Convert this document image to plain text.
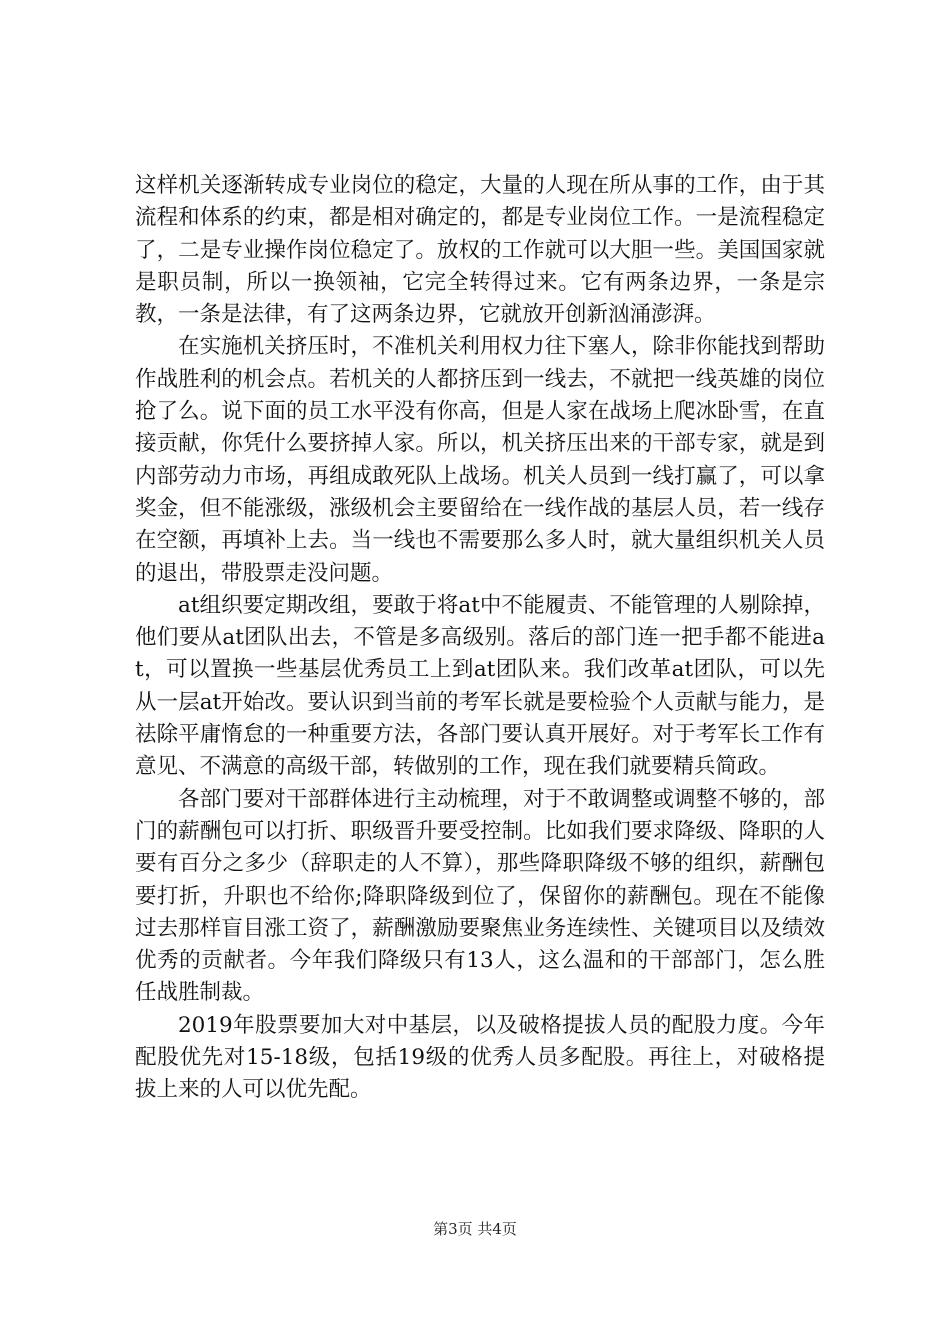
这样机关逐渐转成专业岗位的稳定，大量的人现在所从事的工作，由于其流程和体系的约束，都是相对确定的，都是专业岗位工作。一是流程稳定了，二是专业操作岗位稳定了。放权的工作就可以大胆一些。美国国家就是职员制，所以一换领袖，它完全转得过来。它有两条边界，一条是宗教，一条是法律，有了这两条边界，它就放开创新汹涌澎湃。

在实施机关挤压时，不准机关利用权力往下塞人，除非你能找到帮助作战胜利的机会点。若机关的人都挤压到一线去，不就把一线英雄的岗位抢了么。说下面的员工水平没有你高，但是人家在战场上爬冰卧雪，在直接贡献，你凭什么要挤掉人家。所以，机关挤压出来的干部专家，就是到内部劳动力市场，再组成敢死队上战场。机关人员到一线打赢了，可以拿奖金，但不能涨级，涨级机会主要留给在一线作战的基层人员，若一线存在空额，再填补上去。当一线也不需要那么多人时，就大量组织机关人员的退出，带股票走没问题。

at组织要定期改组，要敢于将at中不能履责、不能管理的人剔除掉，他们要从at团队出去，不管是多高级别。落后的部门连一把手都不能进at，可以置换一些基层优秀员工上到at团队来。我们改革at团队，可以先从一层at开始改。要认识到当前的考军长就是要检验个人贡献与能力，是祛除平庸惰怠的一种重要方法，各部门要认真开展好。对于考军长工作有意见、不满意的高级干部，转做别的工作，现在我们就要精兵简政。

各部门要对干部群体进行主动梳理，对于不敢调整或调整不够的，部门的薪酬包可以打折、职级晋升要受控制。比如我们要求降级、降职的人要有百分之多少（辞职走的人不算），那些降职降级不够的组织，薪酬包要打折，升职也不给你;降职降级到位了，保留你的薪酬包。现在不能像过去那样盲目涨工资了，薪酬激励要聚焦业务连续性、关键项目以及绩效优秀的贡献者。今年我们降级只有13人，这么温和的干部部门，怎么胜任战胜制裁。

2019年股票要加大对中基层，以及破格提拔人员的配股力度。今年配股优先对15-18级，包括19级的优秀人员多配股。再往上，对破格提拔上来的人可以优先配。

第3页 共4页
